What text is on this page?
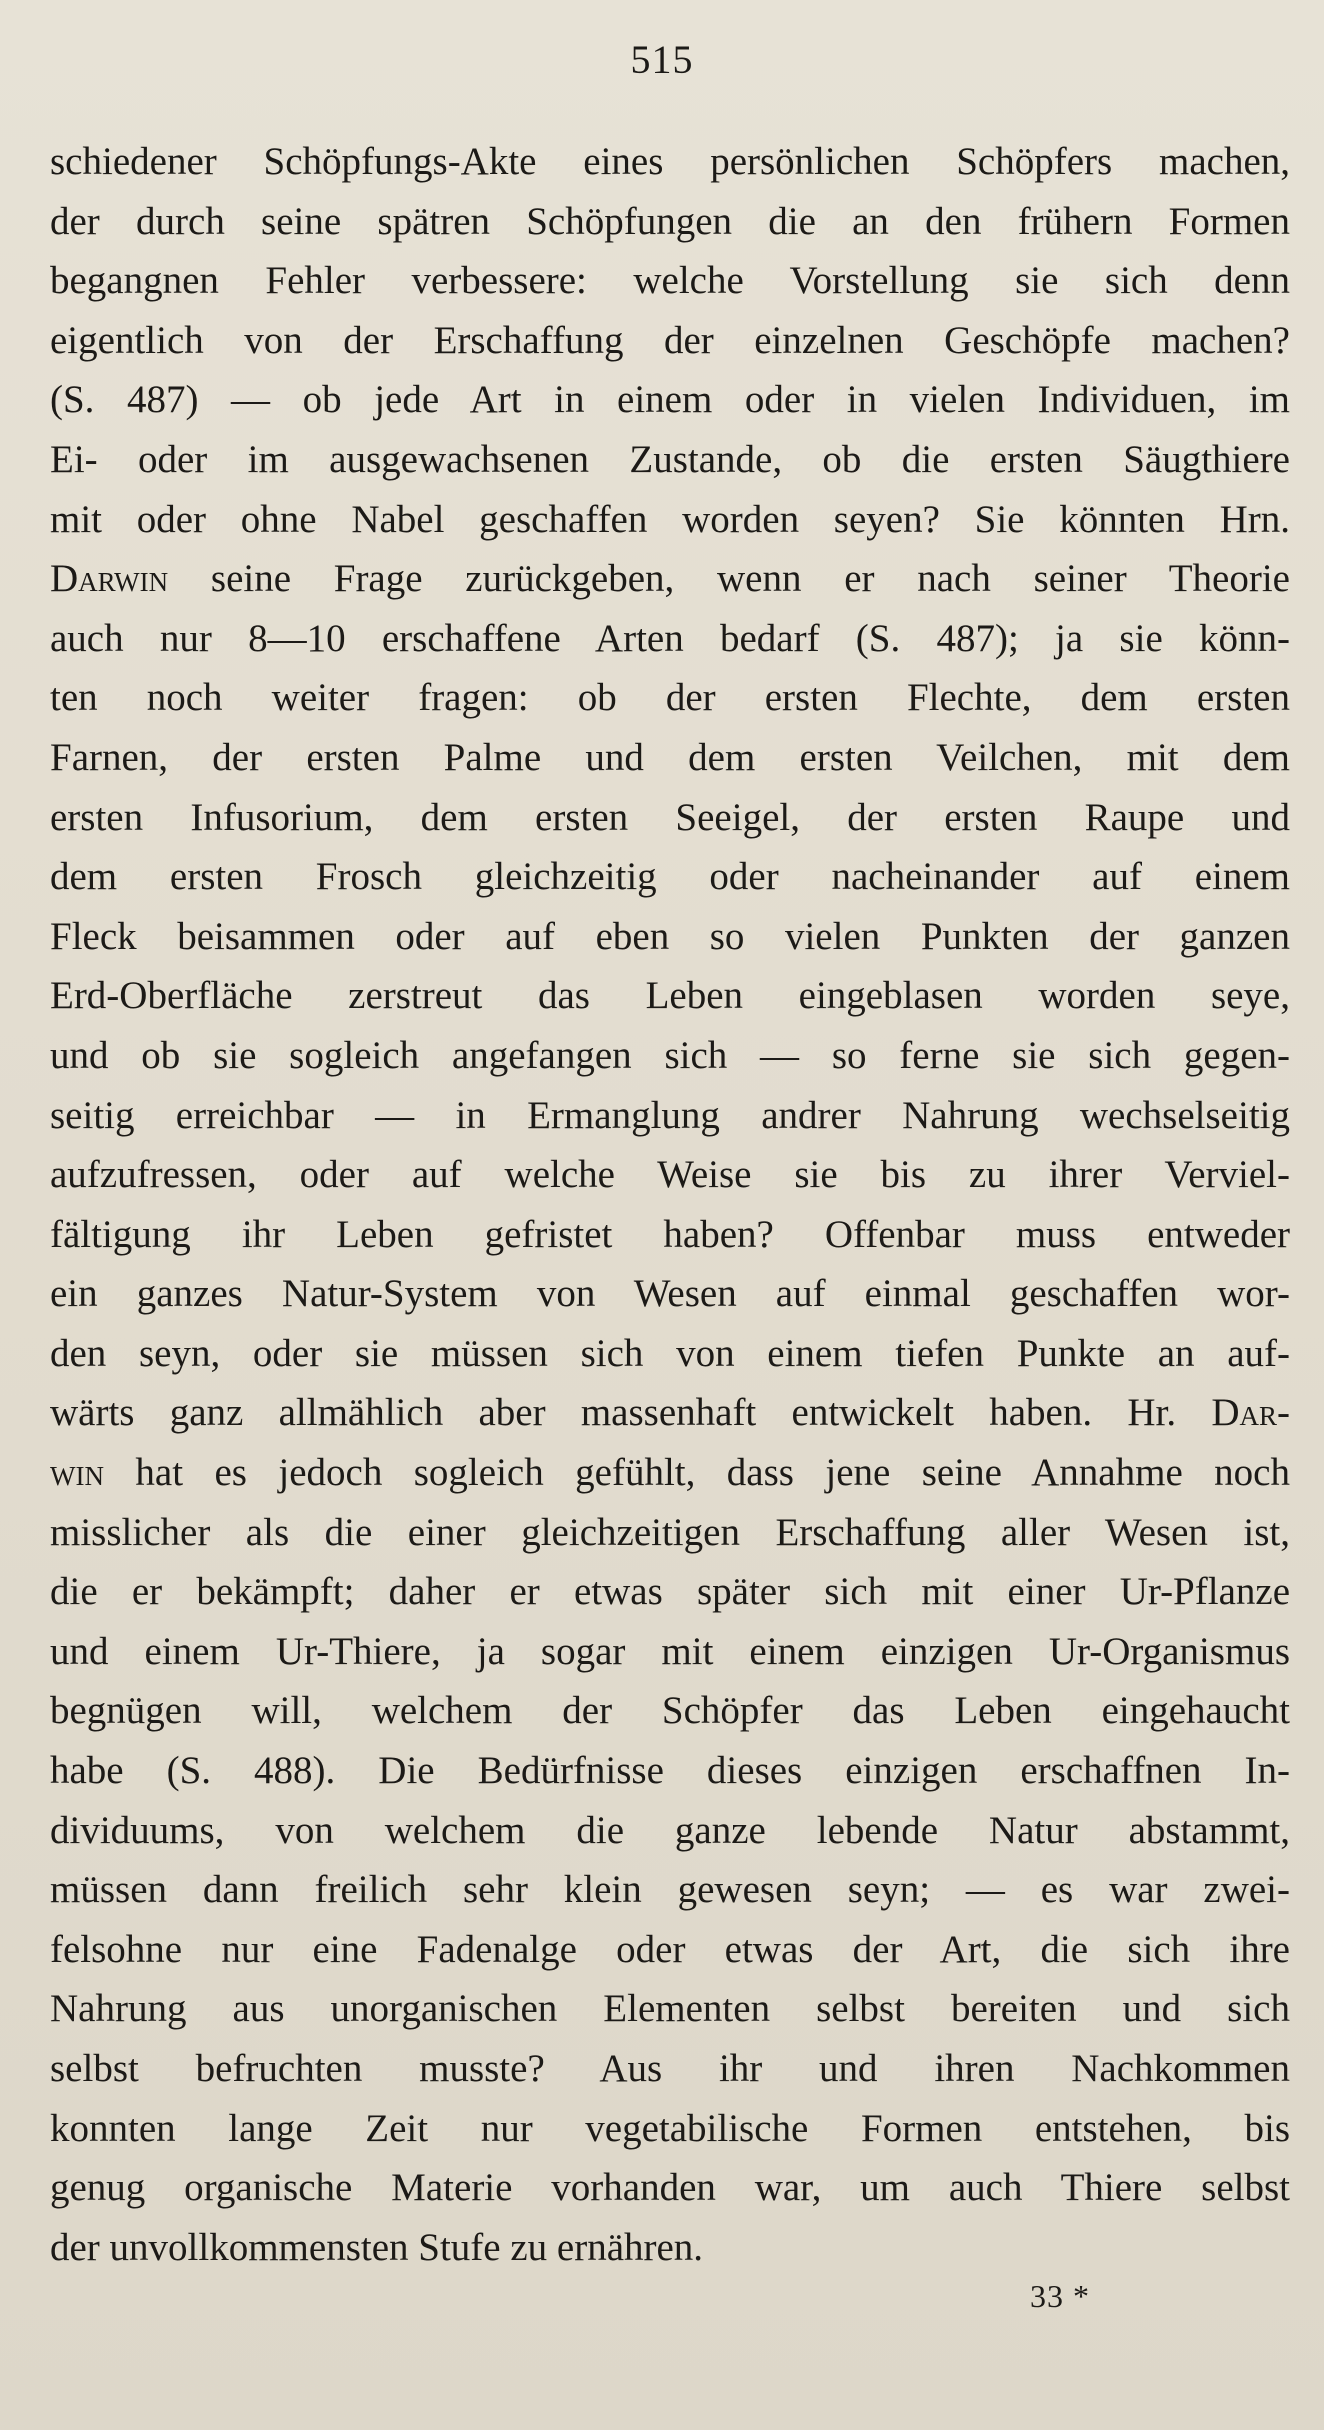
515
schiedener Schöpfungs-Akte eines persönlichen Schöpfers machen,
der durch seine spätren Schöpfungen die an den frühern Formen
begangnen Fehler verbessere: welche Vorstellung sie sich denn
eigentlich von der Erschaffung der einzelnen Geschöpfe machen?
(S. 487) — ob jede Art in einem oder in vielen Individuen, im
Ei- oder im ausgewachsenen Zustande, ob die ersten Säugthiere
mit oder ohne Nabel geschaffen worden seyen? Sie könnten Hrn.
Darwin seine Frage zurückgeben, wenn er nach seiner Theorie
auch nur 8—10 erschaffene Arten bedarf (S. 487); ja sie könn-
ten noch weiter fragen: ob der ersten Flechte, dem ersten
Farnen, der ersten Palme und dem ersten Veilchen, mit dem
ersten Infusorium, dem ersten Seeigel, der ersten Raupe und
dem ersten Frosch gleichzeitig oder nacheinander auf einem
Fleck beisammen oder auf eben so vielen Punkten der ganzen
Erd-Oberfläche zerstreut das Leben eingeblasen worden seye,
und ob sie sogleich angefangen sich — so ferne sie sich gegen-
seitig erreichbar — in Ermanglung andrer Nahrung wechselseitig
aufzufressen, oder auf welche Weise sie bis zu ihrer Verviel-
fältigung ihr Leben gefristet haben? Offenbar muss entweder
ein ganzes Natur-System von Wesen auf einmal geschaffen wor-
den seyn, oder sie müssen sich von einem tiefen Punkte an auf-
wärts ganz allmählich aber massenhaft entwickelt haben. Hr. Dar-
win hat es jedoch sogleich gefühlt, dass jene seine Annahme noch
misslicher als die einer gleichzeitigen Erschaffung aller Wesen ist,
die er bekämpft; daher er etwas später sich mit einer Ur-Pflanze
und einem Ur-Thiere, ja sogar mit einem einzigen Ur-Organismus
begnügen will, welchem der Schöpfer das Leben eingehaucht
habe (S. 488). Die Bedürfnisse dieses einzigen erschaffnen In-
dividuums, von welchem die ganze lebende Natur abstammt,
müssen dann freilich sehr klein gewesen seyn; — es war zwei-
felsohne nur eine Fadenalge oder etwas der Art, die sich ihre
Nahrung aus unorganischen Elementen selbst bereiten und sich
selbst befruchten musste? Aus ihr und ihren Nachkommen
konnten lange Zeit nur vegetabilische Formen entstehen, bis
genug organische Materie vorhanden war, um auch Thiere selbst
der unvollkommensten Stufe zu ernähren.
33 *
